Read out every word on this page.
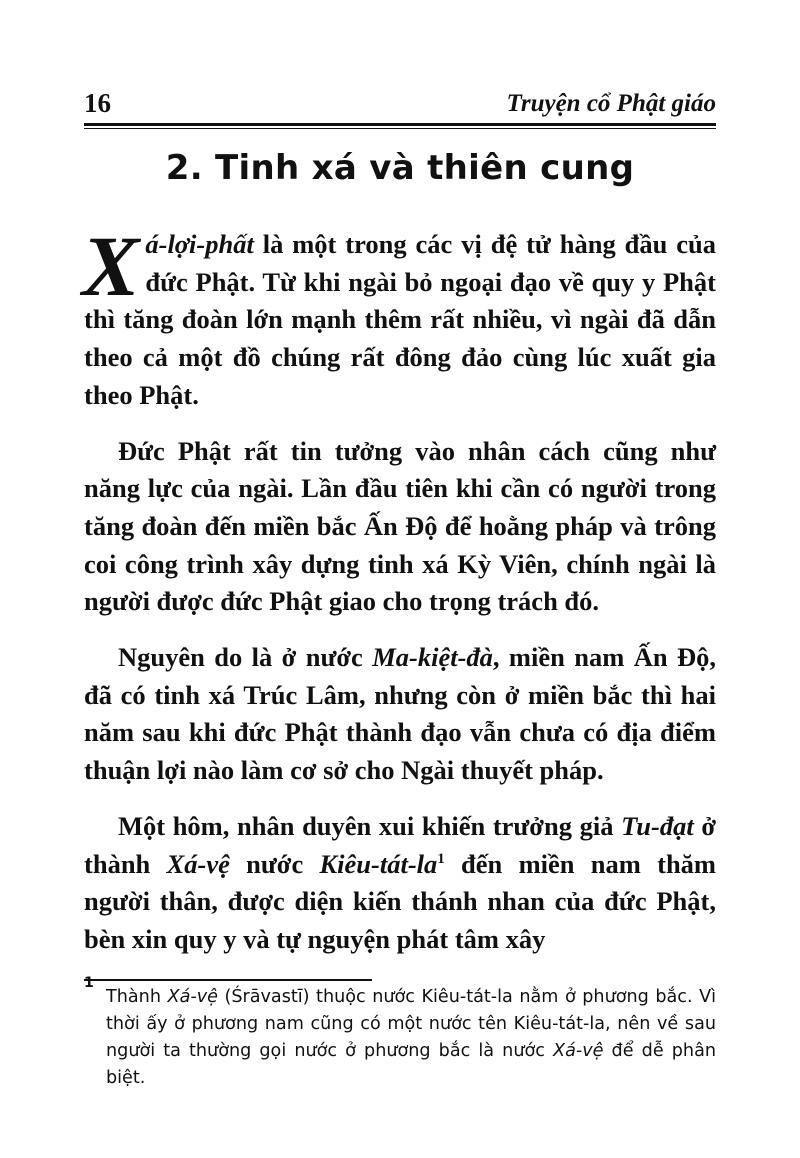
16	Truyện cổ Phật giáo
2. Tinh xá và thiên cung

Xá-lợi-phất là một trong các vị đệ tử hàng đầu của đức Phật. Từ khi ngài bỏ ngoại đạo về quy y Phật thì tăng đoàn lớn mạnh thêm rất nhiều, vì ngài đã dẫn theo cả một đồ chúng rất đông đảo cùng lúc xuất gia theo Phật.

Đức Phật rất tin tưởng vào nhân cách cũng như năng lực của ngài. Lần đầu tiên khi cần có người trong tăng đoàn đến miền bắc Ấn Độ để hoằng pháp và trông coi công trình xây dựng tinh xá Kỳ Viên, chính ngài là người được đức Phật giao cho trọng trách đó.

Nguyên do là ở nước Ma-kiệt-đà, miền nam Ấn Độ, đã có tinh xá Trúc Lâm, nhưng còn ở miền bắc thì hai năm sau khi đức Phật thành đạo vẫn chưa có địa điểm thuận lợi nào làm cơ sở cho Ngài thuyết pháp.

Một hôm, nhân duyên xui khiến trưởng giả Tu-đạt ở thành Xá-vệ nước Kiêu-$tát-la^1$ đến miền nam thăm người thân, được diện kiến thánh nhan của đức Phật, bèn xin quy y và tự nguyện phát tâm xây

1
Thành Xá-vệ (Śrāvastī) thuộc nước Kiêu-tát-la nằm ở phương bắc. Vì thời ấy ở phương nam cũng có một nước tên Kiêu-tát-la, nên về sau người ta thường gọi nước ở phương bắc là nước Xá-vệ để dễ phân biệt.
